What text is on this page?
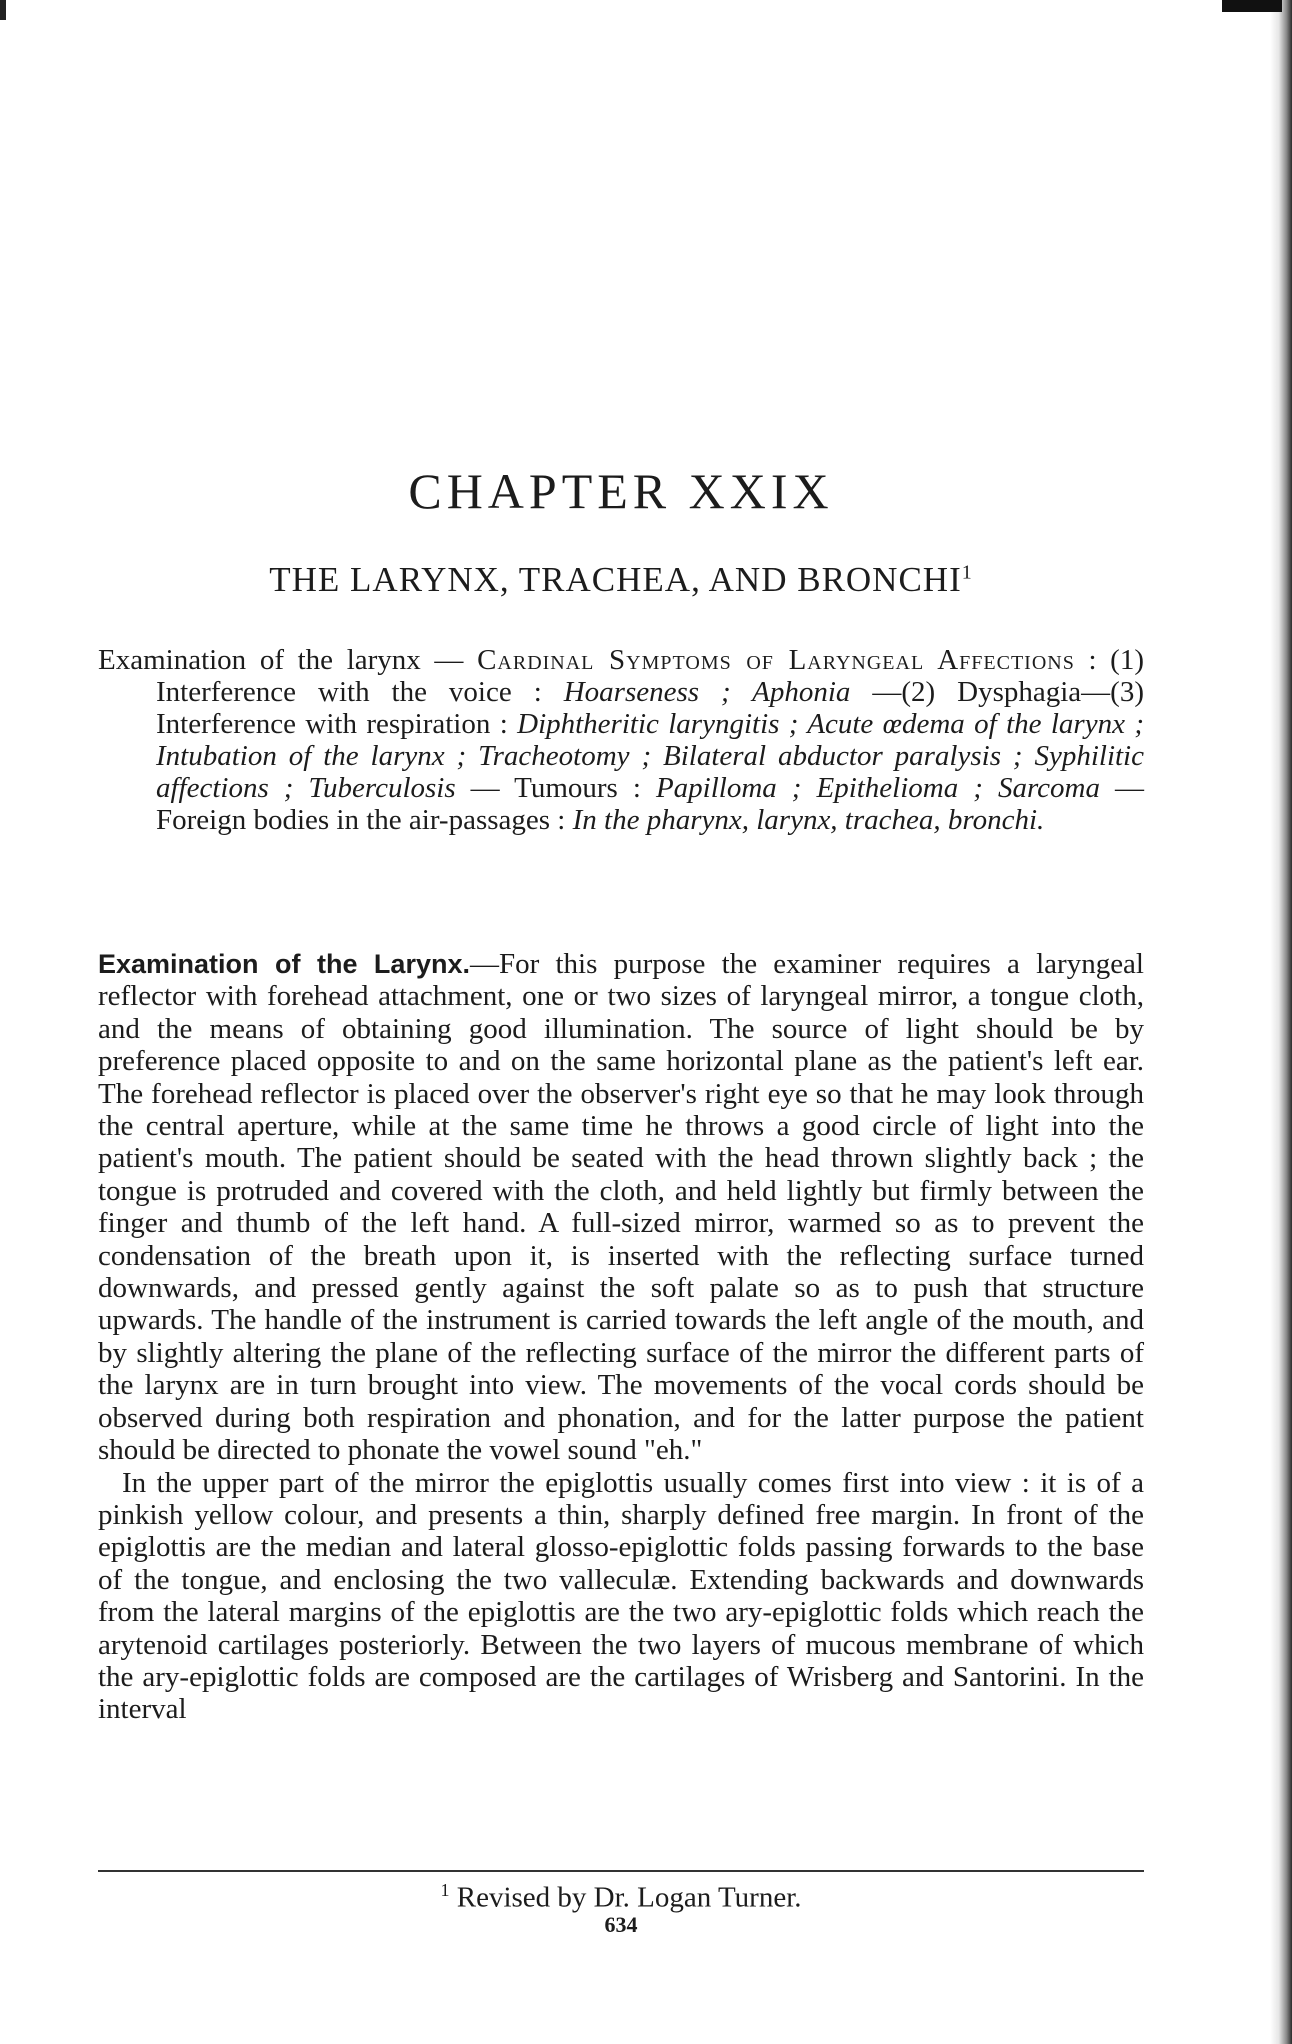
CHAPTER XXIX
THE LARYNX, TRACHEA, AND BRONCHI$^1$

Examination of the larynx — Cardinal Symptoms of Laryngeal Affections : (1) Interference with the voice : Hoarseness ; Aphonia —(2) Dysphagia—(3) Interference with respiration : Diphtheritic laryngitis ; Acute œdema of the larynx ; Intubation of the larynx ; Tracheotomy ; Bilateral abductor paralysis ; Syphilitic affections ; Tuberculosis — Tumours : Papilloma ; Epithelioma ; Sarcoma — Foreign bodies in the air-passages : In the pharynx, larynx, trachea, bronchi.

Examination of the Larynx.—For this purpose the examiner requires a laryngeal reflector with forehead attachment, one or two sizes of laryngeal mirror, a tongue cloth, and the means of obtaining good illumination. The source of light should be by preference placed opposite to and on the same horizontal plane as the patient's left ear. The forehead reflector is placed over the observer's right eye so that he may look through the central aperture, while at the same time he throws a good circle of light into the patient's mouth. The patient should be seated with the head thrown slightly back ; the tongue is protruded and covered with the cloth, and held lightly but firmly between the finger and thumb of the left hand. A full-sized mirror, warmed so as to prevent the condensation of the breath upon it, is inserted with the reflecting surface turned downwards, and pressed gently against the soft palate so as to push that structure upwards. The handle of the instrument is carried towards the left angle of the mouth, and by slightly altering the plane of the reflecting surface of the mirror the different parts of the larynx are in turn brought into view. The movements of the vocal cords should be observed during both respiration and phonation, and for the latter purpose the patient should be directed to phonate the vowel sound "eh."

In the upper part of the mirror the epiglottis usually comes first into view : it is of a pinkish yellow colour, and presents a thin, sharply defined free margin. In front of the epiglottis are the median and lateral glosso-epiglottic folds passing forwards to the base of the tongue, and enclosing the two valleculæ. Extending backwards and downwards from the lateral margins of the epiglottis are the two ary-epiglottic folds which reach the arytenoid cartilages posteriorly. Between the two layers of mucous membrane of which the ary-epiglottic folds are composed are the cartilages of Wrisberg and Santorini. In the interval

$^1$ Revised by Dr. Logan Turner.

634
